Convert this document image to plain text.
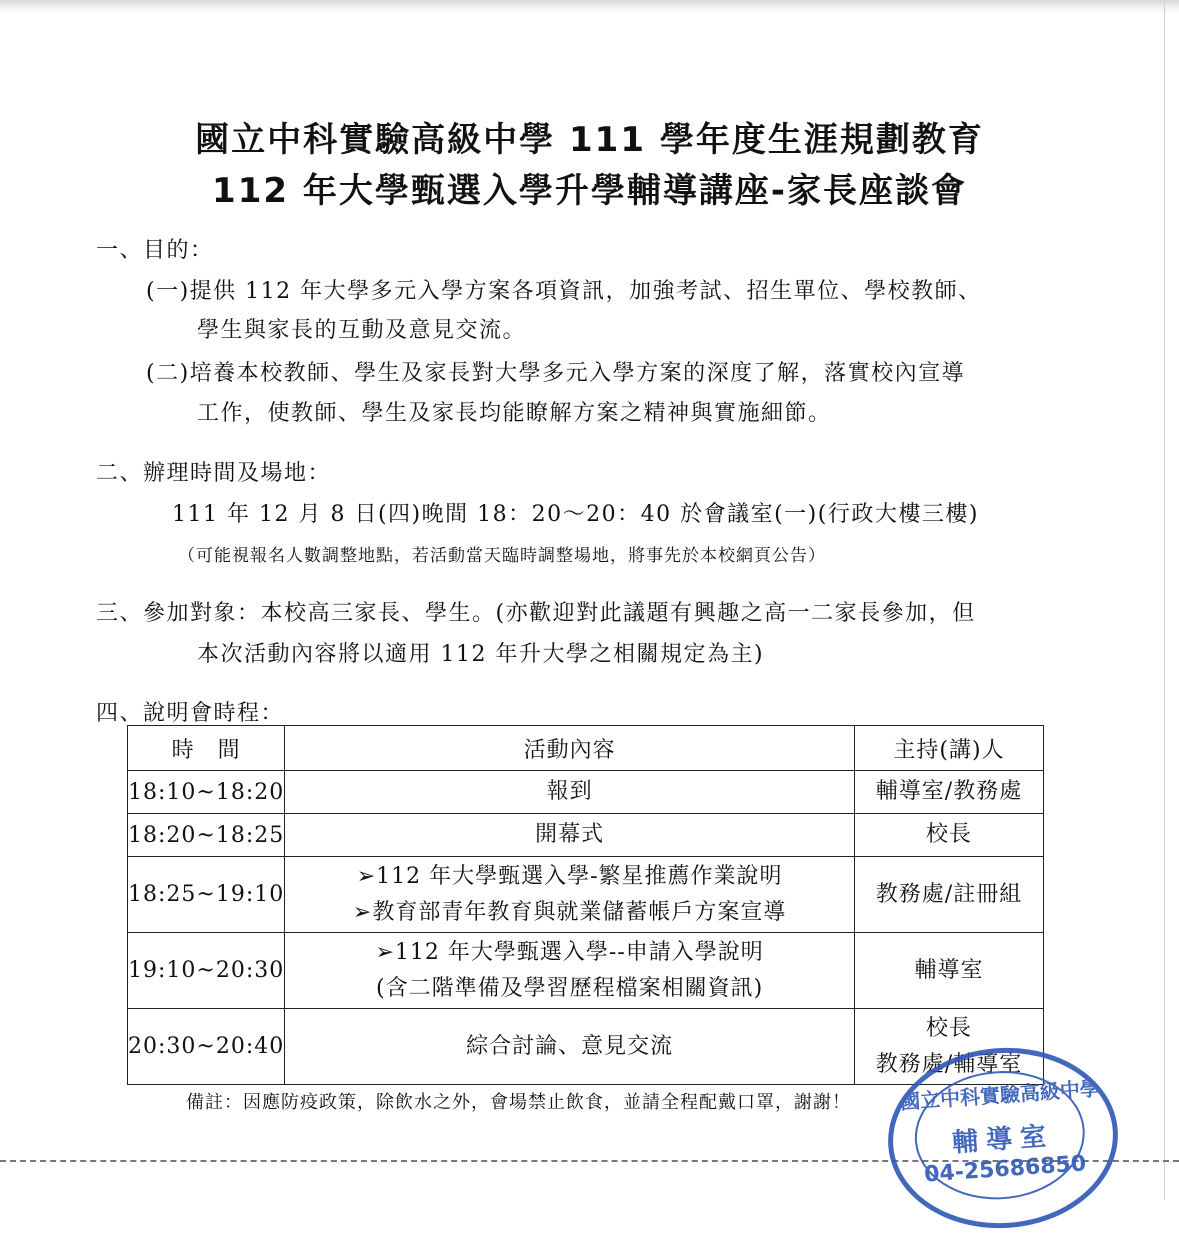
國立中科實驗高級中學 111 學年度生涯規劃教育
112 年大學甄選入學升學輔導講座-家長座談會
一、目的：
(一)提供 112 年大學多元入學方案各項資訊，加強考試、招生單位、學校教師、
學生與家長的互動及意見交流。
(二)培養本校教師、學生及家長對大學多元入學方案的深度了解，落實校內宣導
工作，使教師、學生及家長均能瞭解方案之精神與實施細節。
二、辦理時間及場地：
111 年 12 月 8 日(四)晚間 18：20～20：40 於會議室(一)(行政大樓三樓)
（可能視報名人數調整地點，若活動當天臨時調整場地，將事先於本校網頁公告）
三、參加對象：本校高三家長、學生。(亦歡迎對此議題有興趣之高一二家長參加，但
本次活動內容將以適用 112 年升大學之相關規定為主)
四、說明會時程：
時　間	活動內容	主持(講)人
18:10~18:20	報到	輔導室/教務處

18:20~18:25	開幕式	校長

18:25~19:10	➢112 年大學甄選入學-繁星推薦作業說明
➢教育部青年教育與就業儲蓄帳戶方案宣導	教務處/註冊組

19:10~20:30	➢112 年大學甄選入學--申請入學說明
(含二階準備及學習歷程檔案相關資訊)	輔導室

20:30~20:40	綜合討論、意見交流	校長
教務處/輔導室
備註：因應防疫政策，除飲水之外，會場禁止飲食，並請全程配戴口罩，謝謝！	國立中科實驗高級中學
輔導室
04-25686850
